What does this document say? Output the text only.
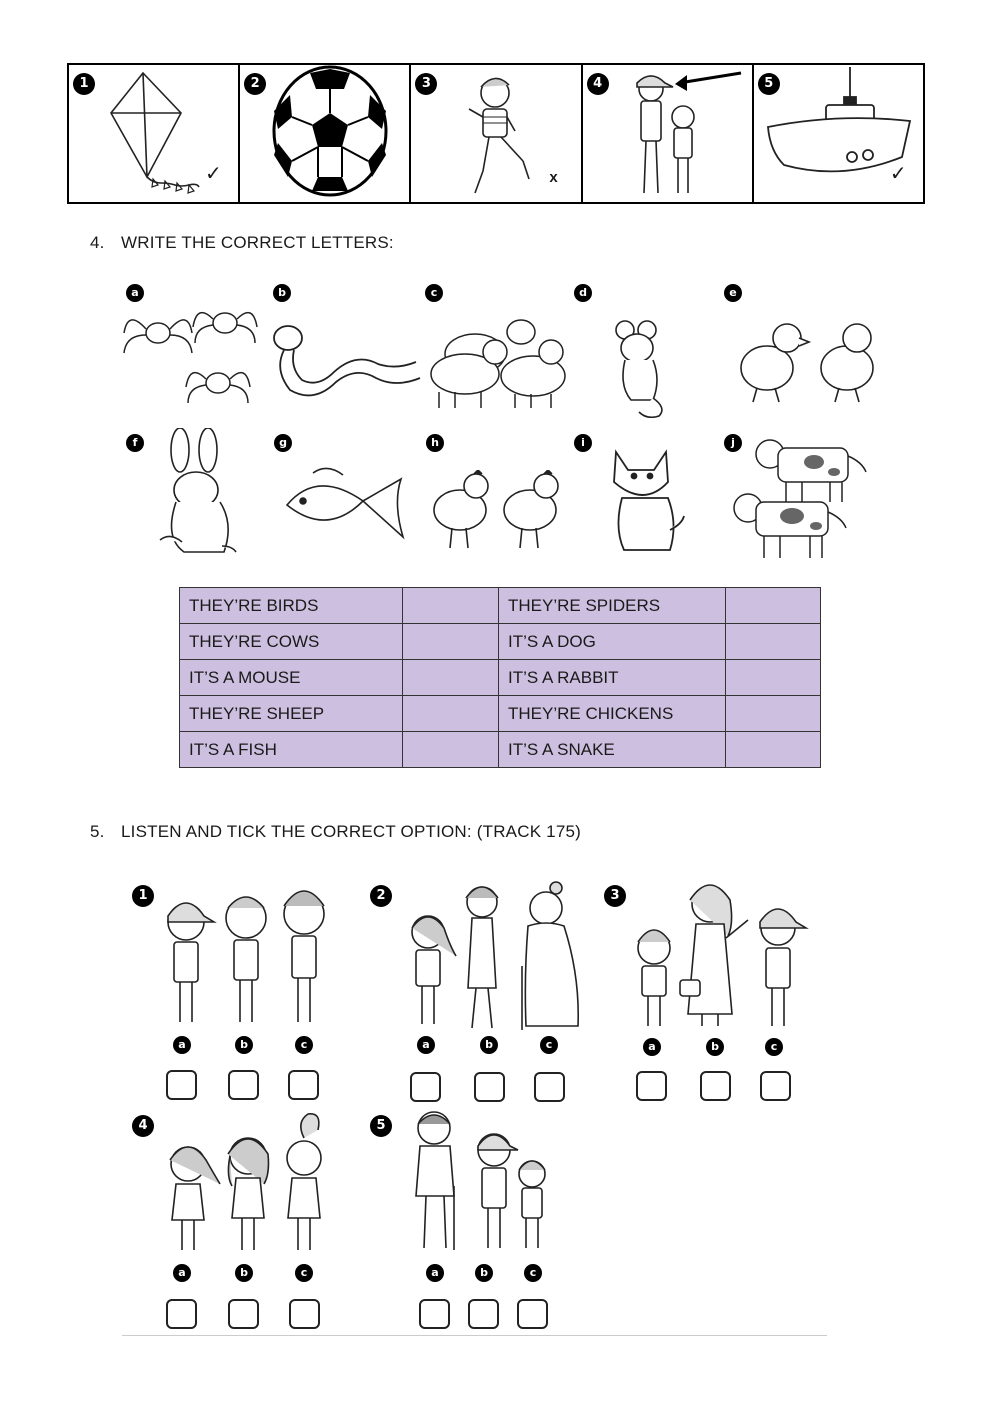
1
✓
2	3
x
4	5
✓
4. WRITE THE CORRECT LETTERS:
a	b	c	d	e
f	g	h	i	j
THEY’RE BIRDS		THEY’RE SPIDERS	
THEY’RE COWS		IT’S A DOG	
IT’S A MOUSE		IT’S A RABBIT	
THEY’RE SHEEP		THEY’RE CHICKENS	
IT’S A FISH		IT’S A SNAKE	
5. LISTEN AND TICK THE CORRECT OPTION: (TRACK 175)
1
a	b	c
2
a	b	c
3
a	b	c
4
a	b	c
5
a	b	c
